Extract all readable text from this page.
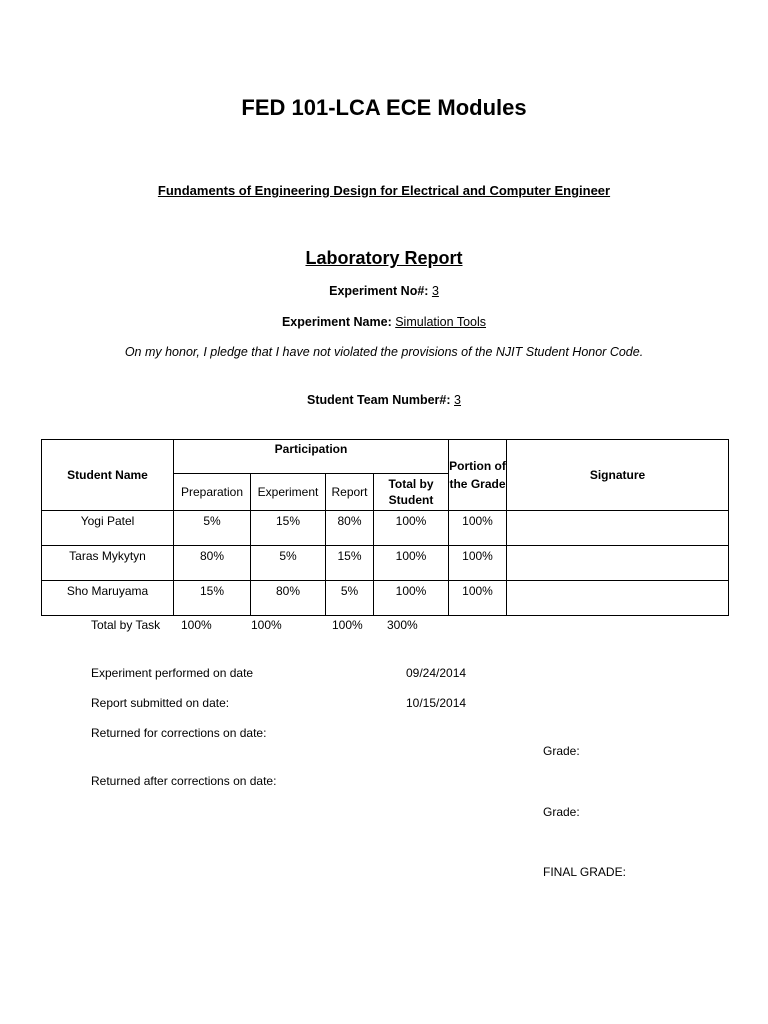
FED 101-LCA ECE Modules
Fundaments of Engineering Design for Electrical and Computer Engineer
Laboratory Report
Experiment No#: 3
Experiment Name: Simulation Tools
On my honor, I pledge that I have not violated the provisions of the NJIT Student Honor Code.
Student Team Number#: 3
Student Name	Participation				Portion of the Grade	Signature
	Preparation	Experiment	Report	Total by Student		
Yogi Patel	5%	15%	80%	100%	100%	
Taras Mykytyn	80%	5%	15%	100%	100%	
Sho Maruyama	15%	80%	5%	100%	100%	
Total by Task 100%	100%	100% 300%
Experiment performed on date	09/24/2014
Report submitted on date:	10/15/2014
Returned for corrections on date:
Grade:
Returned after corrections on date:
Grade:
FINAL GRADE:
